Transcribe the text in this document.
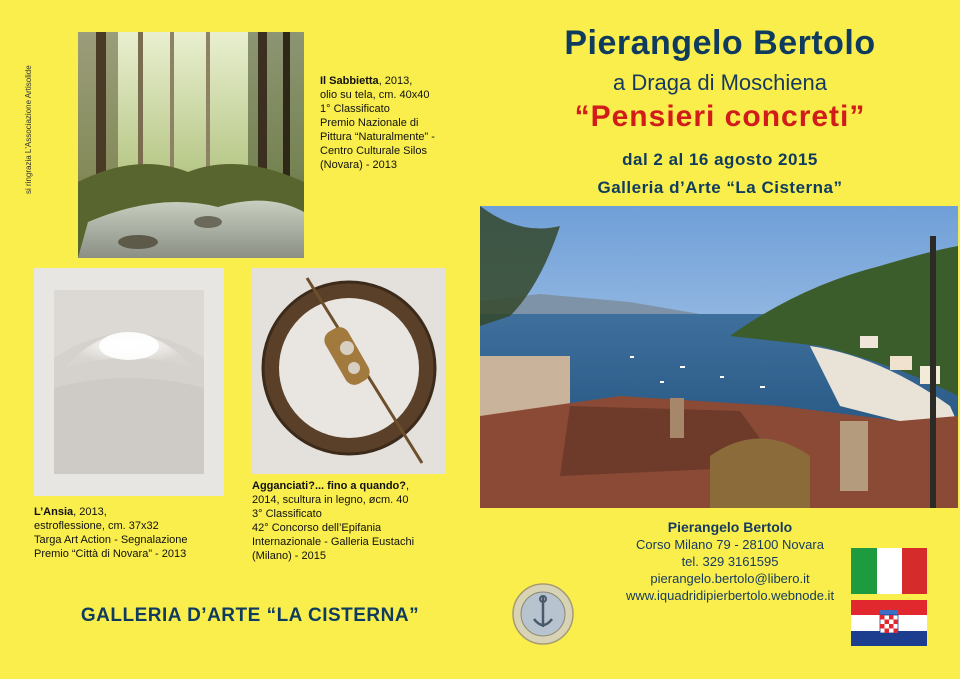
si ringrazia L'Associazione Artisolide	Il Sabbietta, 2013,
olio su tela, cm. 40x40
1° Classificato
Premio Nazionale di
Pittura “Naturalmente” -
Centro Culturale Silos
(Novara) - 2013
L’Ansia, 2013,
estroflessione, cm. 37x32
Targa Art Action - Segnalazione
Premio “Città di Novara” - 2013
Agganciati?... fino a quando?,
2014, scultura in legno, øcm. 40
3° Classificato
42° Concorso dell’Epifania
Internazionale - Galleria Eustachi
(Milano) - 2015
GALLERIA D’ARTE “LA CISTERNA”
Pierangelo Bertolo
a Draga di Moschiena
“Pensieri concreti”
dal 2 al 16 agosto 2015
Galleria d’Arte “La Cisterna”
Pierangelo Bertolo
Corso Milano 79 - 28100 Novara
tel. 329 3161595
pierangelo.bertolo@libero.it
www.iquadridipierbertolo.webnode.it
